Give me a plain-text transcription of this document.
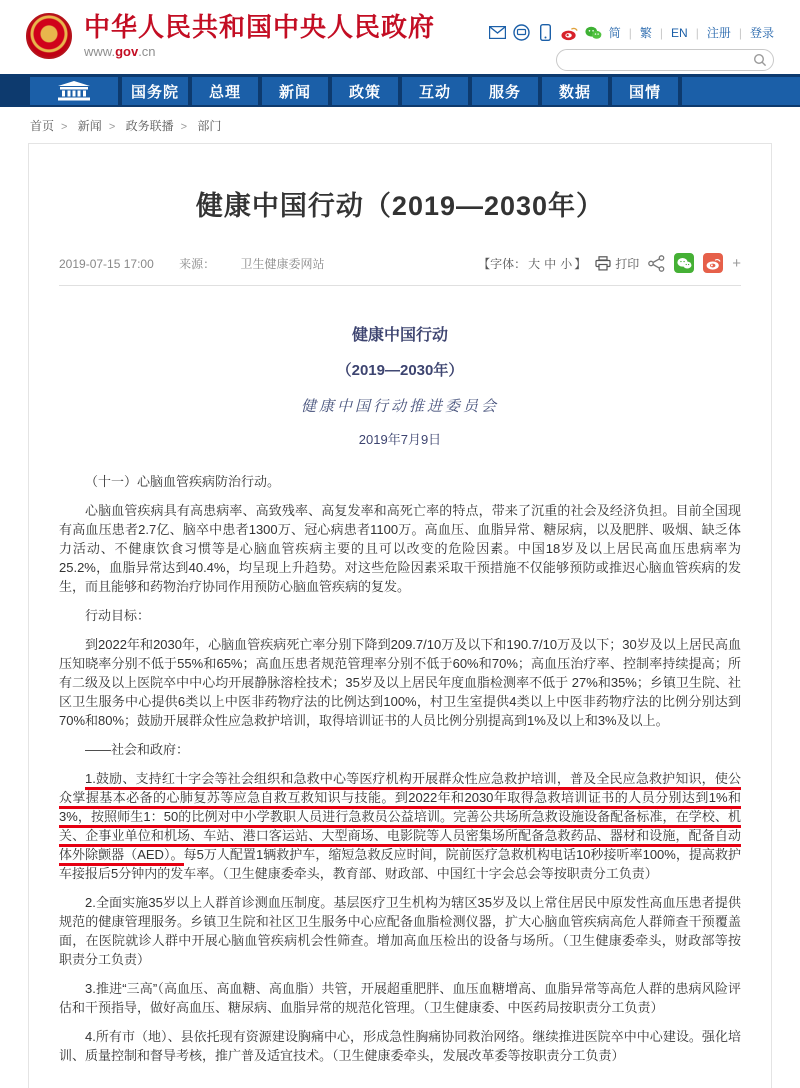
中华人民共和国中央人民政府
www.gov.cn
简 | 繁 | EN | 注册 | 登录
国务院	总理	新闻	政策	互动	服务	数据	国情
首页 > 新闻 > 政务联播 > 部门
健康中国行动（2019—2030年）
2019-07-15 17:00 来源： 卫生健康委网站	【字体： 大 中 小 】 打印	+
健康中国行动
（2019—2030年）
健康中国行动推进委员会
2019年7月9日

（十一）心脑血管疾病防治行动。

心脑血管疾病具有高患病率、高致残率、高复发率和高死亡率的特点，带来了沉重的社会及经济负担。目前全国现有高血压患者2.7亿、脑卒中患者1300万、冠心病患者1100万。高血压、血脂异常、糖尿病，以及肥胖、吸烟、缺乏体力活动、不健康饮食习惯等是心脑血管疾病主要的且可以改变的危险因素。中国18岁及以上居民高血压患病率为25.2%，血脂异常达到40.4%，均呈现上升趋势。对这些危险因素采取干预措施不仅能够预防或推迟心脑血管疾病的发生，而且能够和药物治疗协同作用预防心脑血管疾病的复发。

行动目标：

到2022年和2030年，心脑血管疾病死亡率分别下降到209.7/10万及以下和190.7/10万及以下；30岁及以上居民高血压知晓率分别不低于55%和65%；高血压患者规范管理率分别不低于60%和70%；高血压治疗率、控制率持续提高；所有二级及以上医院卒中中心均开展静脉溶栓技术；35岁及以上居民年度血脂检测率不低于 27%和35%；乡镇卫生院、社区卫生服务中心提供6类以上中医非药物疗法的比例达到100%，村卫生室提供4类以上中医非药物疗法的比例分别达到70%和80%；鼓励开展群众性应急救护培训，取得培训证书的人员比例分别提高到1%及以上和3%及以上。

——社会和政府：

1.鼓励、支持红十字会等社会组织和急救中心等医疗机构开展群众性应急救护培训，普及全民应急救护知识，使公众掌握基本必备的心肺复苏等应急自救互救知识与技能。到2022年和2030年取得急救培训证书的人员分别达到1%和3%，按照师生1：50的比例对中小学教职人员进行急救员公益培训。完善公共场所急救设施设备配备标准，在学校、机关、企事业单位和机场、车站、港口客运站、大型商场、电影院等人员密集场所配备急救药品、器材和设施，配备自动体外除颤器（AED）。每5万人配置1辆救护车，缩短急救反应时间，院前医疗急救机构电话10秒接听率100%，提高救护车接报后5分钟内的发车率。（卫生健康委牵头，教育部、财政部、中国红十字会总会等按职责分工负责）

2.全面实施35岁以上人群首诊测血压制度。基层医疗卫生机构为辖区35岁及以上常住居民中原发性高血压患者提供规范的健康管理服务。乡镇卫生院和社区卫生服务中心应配备血脂检测仪器，扩大心脑血管疾病高危人群筛查干预覆盖面，在医院就诊人群中开展心脑血管疾病机会性筛查。增加高血压检出的设备与场所。（卫生健康委牵头，财政部等按职责分工负责）

3.推进“三高”（高血压、高血糖、高血脂）共管，开展超重肥胖、血压血糖增高、血脂异常等高危人群的患病风险评估和干预指导，做好高血压、糖尿病、血脂异常的规范化管理。（卫生健康委、中医药局按职责分工负责）

4.所有市（地）、县依托现有资源建设胸痛中心，形成急性胸痛协同救治网络。继续推进医院卒中中心建设。强化培训、质量控制和督导考核，推广普及适宜技术。（卫生健康委牵头，发展改革委等按职责分工负责）
